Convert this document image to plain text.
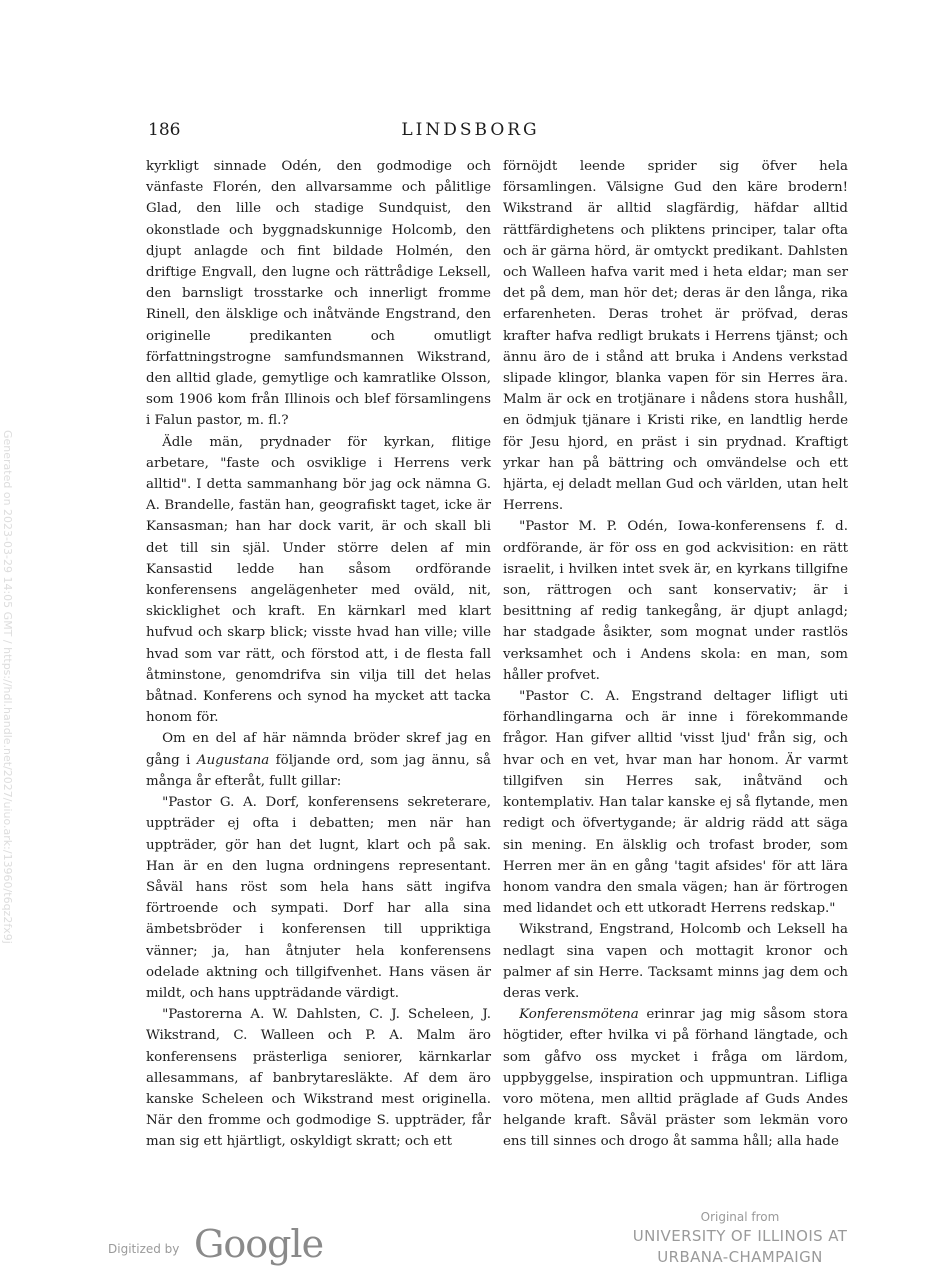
186	LINDSBORG

kyrkligt sinnade Odén, den godmodige och vänfaste Florén, den allvarsamme och pålitlige Glad, den lille och stadige Sundquist, den okonstlade och byggnadskunnige Holcomb, den djupt anlagde och fint bildade Holmén, den driftige Engvall, den lugne och rättrådige Leksell, den barnsligt trosstarke och innerligt fromme Rinell, den älsklige och inåtvände Engstrand, den originelle predikanten och omutligt författningstrogne samfundsmannen Wikstrand, den alltid glade, gemytlige och kamratlike Olsson, som 1906 kom från Illinois och blef församlingens i Falun pastor, m. fl.?

Ädle män, prydnader för kyrkan, flitige arbetare, "faste och osviklige i Herrens verk alltid". I detta sammanhang bör jag ock nämna G. A. Brandelle, fastän han, geografiskt taget, icke är Kansasman; han har dock varit, är och skall bli det till sin själ. Under större delen af min Kansastid ledde han såsom ordförande konferensens angelägenheter med oväld, nit, skicklighet och kraft. En kärnkarl med klart hufvud och skarp blick; visste hvad han ville; ville hvad som var rätt, och förstod att, i de flesta fall åtminstone, genomdrifva sin vilja till det helas båtnad. Konferens och synod ha mycket att tacka honom för.

Om en del af här nämnda bröder skref jag en gång i Augustana följande ord, som jag ännu, så många år efteråt, fullt gillar:

"Pastor G. A. Dorf, konferensens sekreterare, uppträder ej ofta i debatten; men när han uppträder, gör han det lugnt, klart och på sak. Han är en den lugna ordningens representant. Såväl hans röst som hela hans sätt ingifva förtroende och sympati. Dorf har alla sina ämbetsbröder i konferensen till uppriktiga vänner; ja, han åtnjuter hela konferensens odelade aktning och tillgifvenhet. Hans väsen är mildt, och hans uppträdande värdigt.

"Pastorerna A. W. Dahlsten, C. J. Scheleen, J. Wikstrand, C. Walleen och P. A. Malm äro konferensens prästerliga seniorer, kärnkarlar allesammans, af banbrytaresläkte. Af dem äro kanske Scheleen och Wikstrand mest originella. När den fromme och godmodige S. uppträder, får man sig ett hjärtligt, oskyldigt skratt; och ett

förnöjdt leende sprider sig öfver hela församlingen. Välsigne Gud den käre brodern! Wikstrand är alltid slagfärdig, häfdar alltid rättfärdighetens och pliktens principer, talar ofta och är gärna hörd, är omtyckt predikant. Dahlsten och Walleen hafva varit med i heta eldar; man ser det på dem, man hör det; deras är den långa, rika erfarenheten. Deras trohet är pröfvad, deras krafter hafva redligt brukats i Herrens tjänst; och ännu äro de i stånd att bruka i Andens verkstad slipade klingor, blanka vapen för sin Herres ära. Malm är ock en trotjänare i nådens stora hushåll, en ödmjuk tjänare i Kristi rike, en landtlig herde för Jesu hjord, en präst i sin prydnad. Kraftigt yrkar han på bättring och omvändelse och ett hjärta, ej deladt mellan Gud och världen, utan helt Herrens.

"Pastor M. P. Odén, Iowa-konferensens f. d. ordförande, är för oss en god ackvisition: en rätt israelit, i hvilken intet svek är, en kyrkans tillgifne son, rättrogen och sant konservativ; är i besittning af redig tankegång, är djupt anlagd; har stadgade åsikter, som mognat under rastlös verksamhet och i Andens skola: en man, som håller profvet.

"Pastor C. A. Engstrand deltager lifligt uti förhandlingarna och är inne i förekommande frågor. Han gifver alltid 'visst ljud' från sig, och hvar och en vet, hvar man har honom. Är varmt tillgifven sin Herres sak, inåtvänd och kontemplativ. Han talar kanske ej så flytande, men redigt och öfvertygande; är aldrig rädd att säga sin mening. En älsklig och trofast broder, som Herren mer än en gång 'tagit afsides' för att lära honom vandra den smala vägen; han är förtrogen med lidandet och ett utkoradt Herrens redskap."

Wikstrand, Engstrand, Holcomb och Leksell ha nedlagt sina vapen och mottagit kronor och palmer af sin Herre. Tacksamt minns jag dem och deras verk.

Konferensmötena erinrar jag mig såsom stora högtider, efter hvilka vi på förhand längtade, och som gåfvo oss mycket i fråga om lärdom, uppbyggelse, inspiration och uppmuntran. Lifliga voro mötena, men alltid präglade af Guds Andes helgande kraft. Såväl präster som lekmän voro ens till sinnes och drogo åt samma håll; alla hade

Digitized by Google
Original from
UNIVERSITY OF ILLINOIS AT
URBANA-CHAMPAIGN
Generated on 2023-03-29 14:05 GMT / https://hdl.handle.net/2027/uiuo.ark:/13960/t6qz2fx9j
